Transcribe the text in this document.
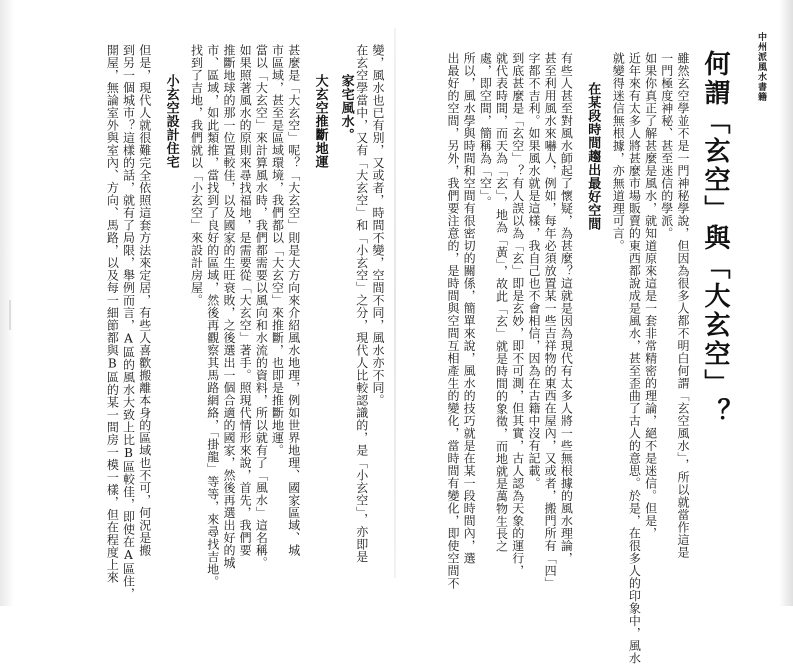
中州派風水書籍
何謂「玄空」與「大玄空」？
雖然玄空學並不是一門神秘學說，但因為很多人都不明白何謂「玄空風水」，所以就當作這是
一門極度神秘、甚至迷信的學派。
如果你真正了解甚麼是風水，就知道原來這是一套非常精密的理論，絕不是迷信。但是，
近年來有太多人將甚麼市場販賣的東西都說成是風水，甚至歪曲了古人的意思。於是，在很多人的印象中，風水
就變得迷信無根據，亦無道理可言。
在某段時間趨出最好空間
有些人甚至對風水師起了懷疑，為甚麼？這就是因為現代有太多人將一些無根據的風水理論，
甚至利用風水來嚇人，例如，每年必須放置某一些吉祥物的東西在屋內，又或者，搬門所有「四」
字都不吉利。如果風水就是這樣，我自己也不會相信，因為在古籍中沒有記載。
到底甚麼是「玄空」？有人誤以為「玄」即是玄妙，即不可測，但其實，古人認為天象的運行，
就代表時間，而天為「玄」，地為「黃」，故此「玄」就是時間的象徵，而地就是萬物生長之
處，即空間，簡稱為「空」。
所以，風水學與時間和空間有很密切的關係，簡單來說，風水的技巧就是在某一段時間內，選
出最好的空間，另外，我們要注意的，是時間與空間互相產生的變化，當時間有變化，即使空間不
變，風水也已有別，又或者，時間不變，空間不同，風水亦不同。
在玄空學當中，又有「大玄空」和「小玄空」之分，現代人比較認識的，是「小玄空」，亦即是
家宅風水。
大玄空推斷地運
甚麼是「大玄空」呢？「大玄空」則是大方向來介紹風水地理，例如世界地理、國家區域、城
市區域，甚至是區域環境，我們都以「大玄空」來推斷，也即是推斷地運。
當以「大玄空」來計算風水時，我們都需要以風向和水流的資料，所以就有了「風水」這名稱。
如果照著風水的原則來尋找福地，是需要從「大玄空」著手。照現代情形來說，首先，我們要
推斷地球的那一位置較佳，以及國家的生旺衰敗，之後選出一個合適的國家，然後再選出好的城
市、區域，如此類推，當找到了良好的區域，然後再觀察其馬路網絡，「掛龍」等等，來尋找吉地。
找到了吉地，我們就以「小玄空」來設計房屋。
小玄空設計住宅
但是，現代人就很難完全依照這套方法來定居，有些人喜歡搬離本身的區域也不可，何況是搬
到另一個城市？這樣的話，就有了局限，舉例而言，A區的風水大致上比B區較佳，即使在A區住，
開屋，無論室外與室內、方向、馬路，以及每一細節都與B區的某一間房一模一樣，但在程度上來
